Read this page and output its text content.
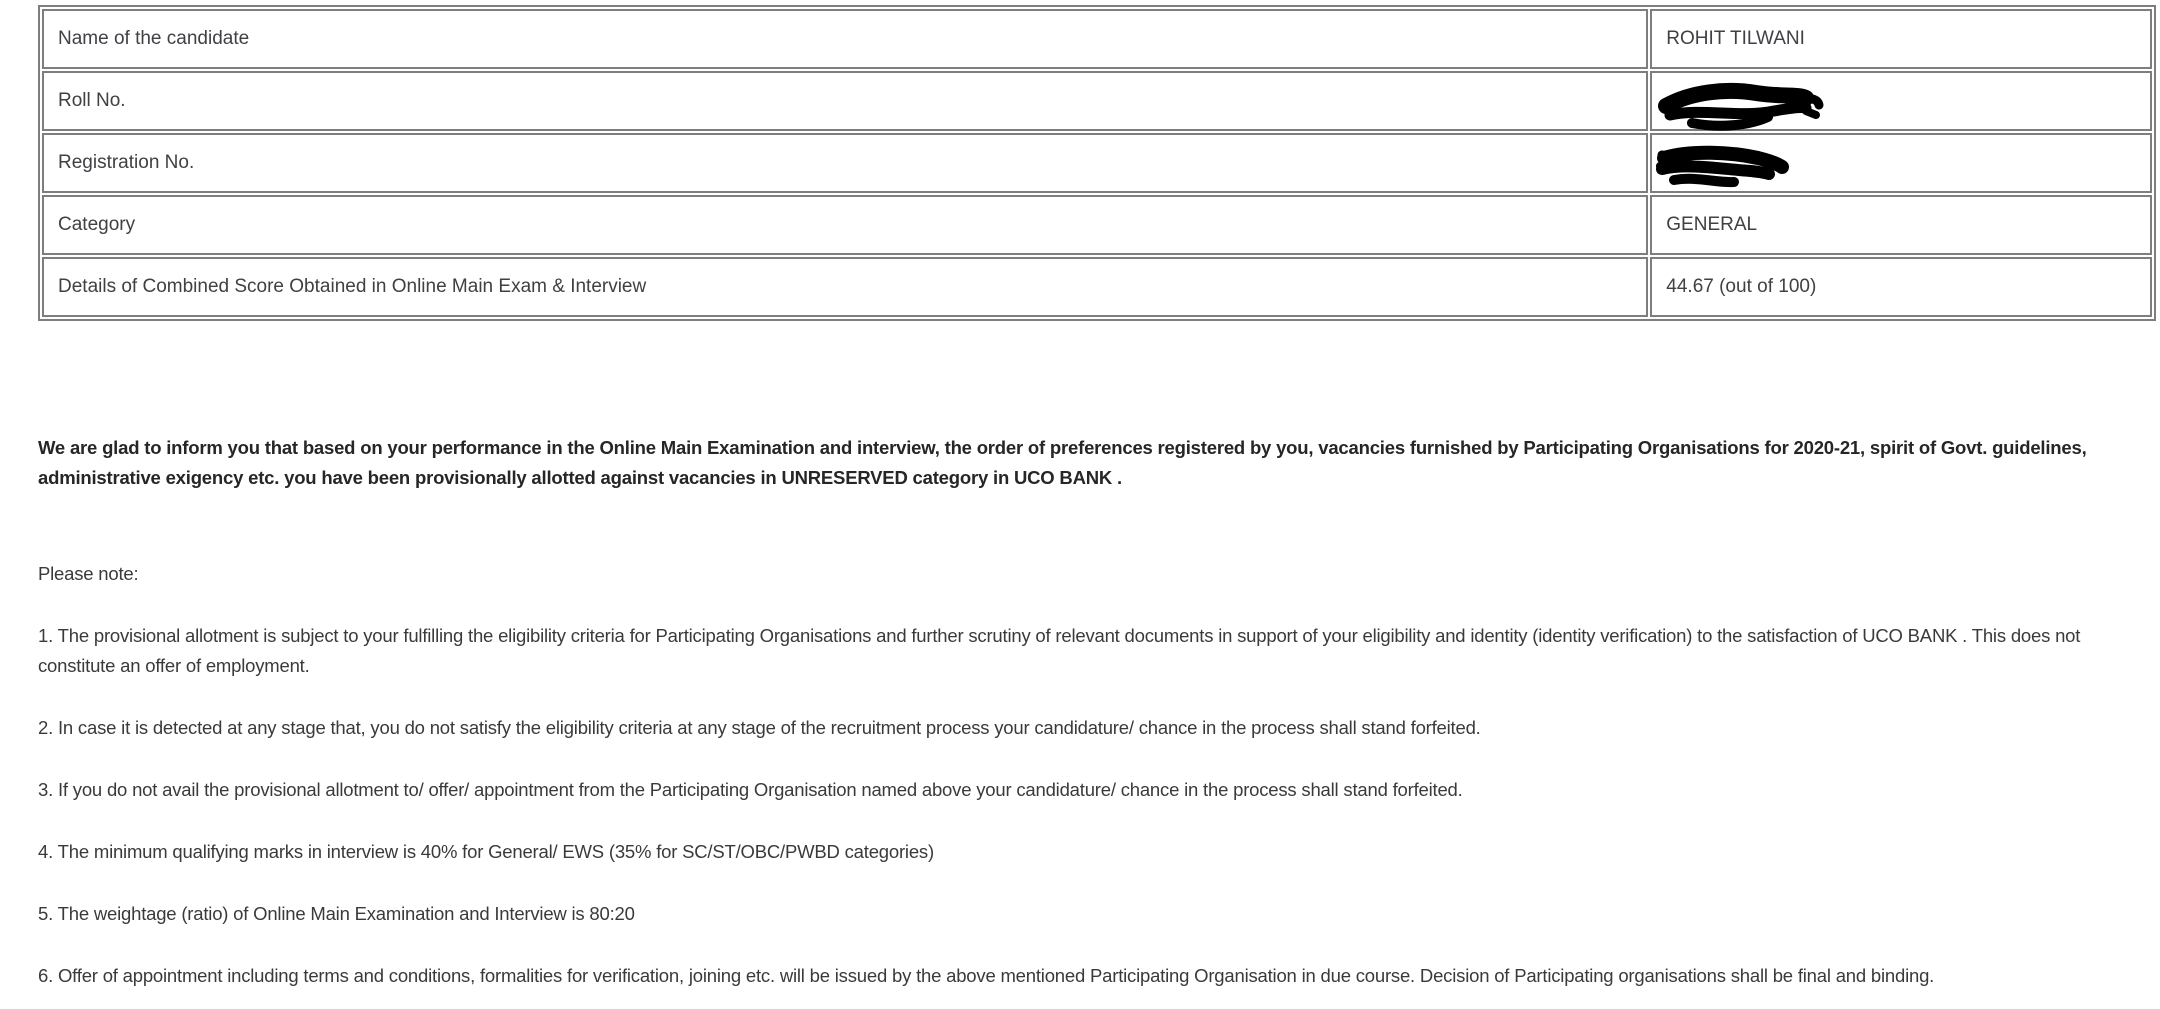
Name of the candidate	ROHIT TILWANI
Roll No.	

Registration No.	

Category	GENERAL
Details of Combined Score Obtained in Online Main Exam & Interview	44.67 (out of 100)

We are glad to inform you that based on your performance in the Online Main Examination and interview, the order of preferences registered by you, vacancies furnished by Participating Organisations for 2020-21, spirit of Govt. guidelines, administrative exigency etc. you have been provisionally allotted against vacancies in UNRESERVED category in UCO BANK .

Please note:

1. The provisional allotment is subject to your fulfilling the eligibility criteria for Participating Organisations and further scrutiny of relevant documents in support of your eligibility and identity (identity verification) to the satisfaction of UCO BANK . This does not constitute an offer of employment.

2. In case it is detected at any stage that, you do not satisfy the eligibility criteria at any stage of the recruitment process your candidature/ chance in the process shall stand forfeited.

3. If you do not avail the provisional allotment to/ offer/ appointment from the Participating Organisation named above your candidature/ chance in the process shall stand forfeited.

4. The minimum qualifying marks in interview is 40% for General/ EWS (35% for SC/ST/OBC/PWBD categories)

5. The weightage (ratio) of Online Main Examination and Interview is 80:20

6. Offer of appointment including terms and conditions, formalities for verification, joining etc. will be issued by the above mentioned Participating Organisation in due course. Decision of Participating organisations shall be final and binding.
